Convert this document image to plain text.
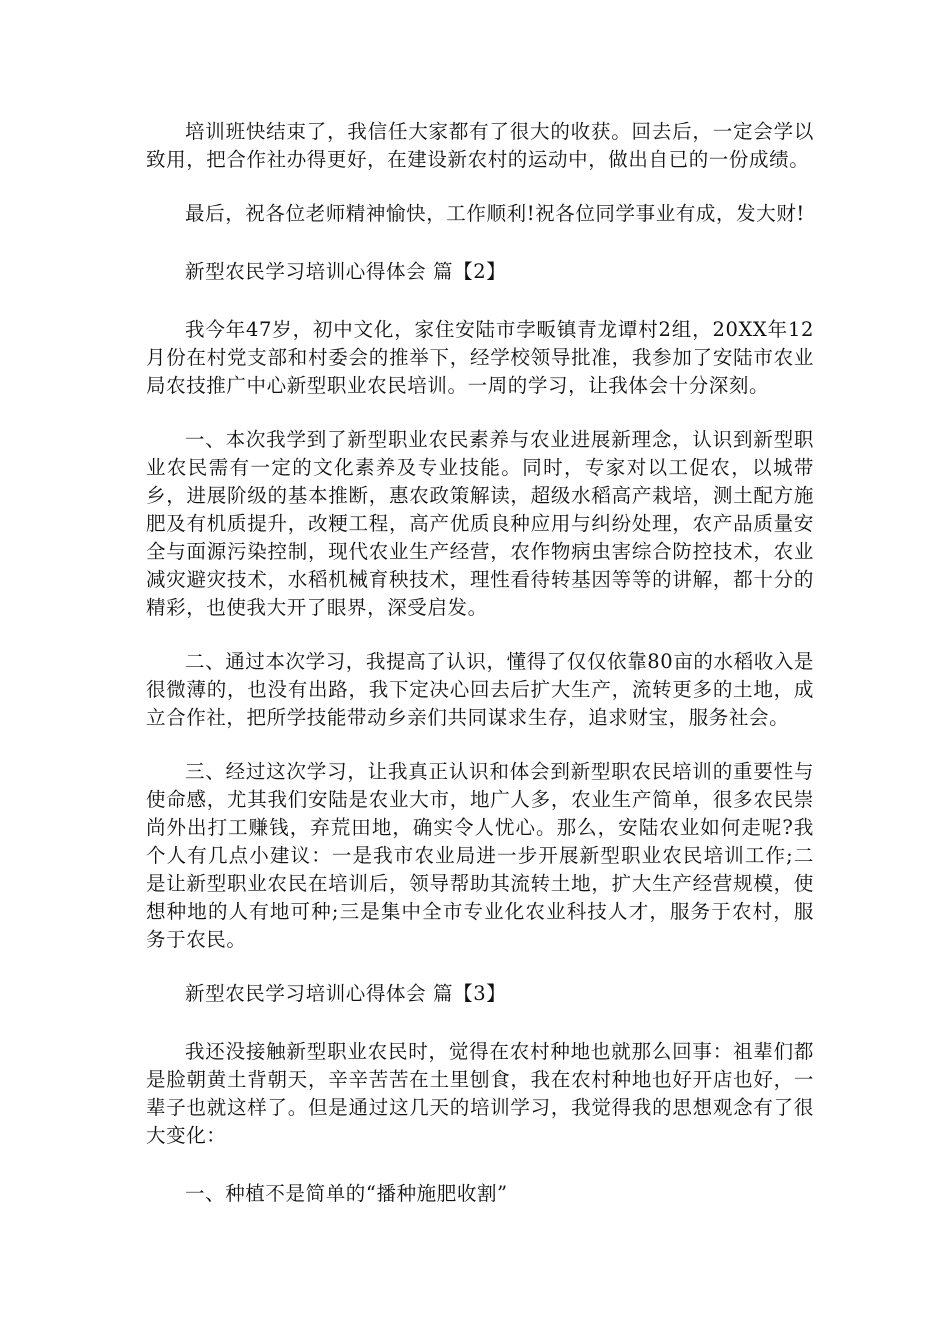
培训班快结束了，我信任大家都有了很大的收获。回去后，一定会学以致用，把合作社办得更好，在建设新农村的运动中，做出自已的一份成绩。

最后，祝各位老师精神愉快，工作顺利!祝各位同学事业有成，发大财!

新型农民学习培训心得体会 篇【2】

我今年47岁，初中文化，家住安陆市孛畈镇青龙谭村2组，20XX年12月份在村党支部和村委会的推举下，经学校领导批准，我参加了安陆市农业局农技推广中心新型职业农民培训。一周的学习，让我体会十分深刻。

一、本次我学到了新型职业农民素养与农业进展新理念，认识到新型职业农民需有一定的文化素养及专业技能。同时，专家对以工促农，以城带乡，进展阶级的基本推断，惠农政策解读，超级水稻高产栽培，测土配方施肥及有机质提升，改粳工程，高产优质良种应用与纠纷处理，农产品质量安全与面源污染控制，现代农业生产经营，农作物病虫害综合防控技术，农业减灾避灾技术，水稻机械育秧技术，理性看待转基因等等的讲解，都十分的精彩，也使我大开了眼界，深受启发。

二、通过本次学习，我提高了认识，懂得了仅仅依靠80亩的水稻收入是很微薄的，也没有出路，我下定决心回去后扩大生产，流转更多的土地，成立合作社，把所学技能带动乡亲们共同谋求生存，追求财宝，服务社会。

三、经过这次学习，让我真正认识和体会到新型职农民培训的重要性与使命感，尤其我们安陆是农业大市，地广人多，农业生产简单，很多农民崇尚外出打工赚钱，弃荒田地，确实令人忧心。那么，安陆农业如何走呢?我个人有几点小建议：一是我市农业局进一步开展新型职业农民培训工作;二是让新型职业农民在培训后，领导帮助其流转土地，扩大生产经营规模，使想种地的人有地可种;三是集中全市专业化农业科技人才，服务于农村，服务于农民。

新型农民学习培训心得体会 篇【3】

我还没接触新型职业农民时，觉得在农村种地也就那么回事：祖辈们都是脸朝黄土背朝天，辛辛苦苦在土里刨食，我在农村种地也好开店也好，一辈子也就这样了。但是通过这几天的培训学习，我觉得我的思想观念有了很大变化：

一、种植不是简单的“播种施肥收割”
